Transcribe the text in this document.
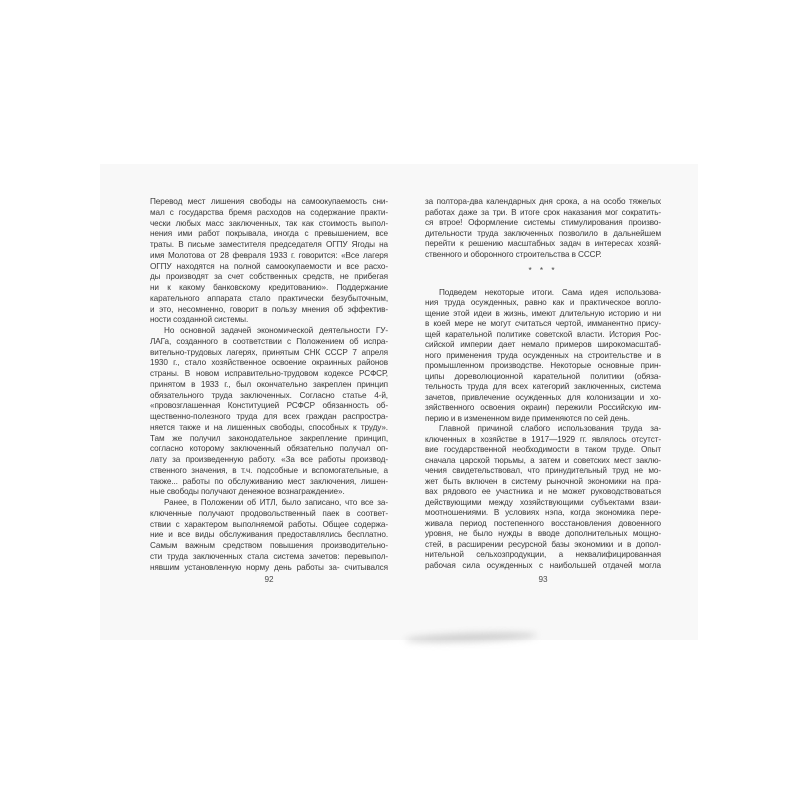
Перевод мест лишения свободы на самоокупаемость сни-
мал с государства бремя расходов на содержание практи-
чески любых масс заключенных, так как стоимость выпол-
нения ими работ покрывала, иногда с превышением, все
траты. В письме заместителя председателя ОГПУ Ягоды на
имя Молотова от 28 февраля 1933 г. говорится: «Все лагеря
ОГПУ находятся на полной самоокупаемости и все расхо-
ды производят за счет собственных средств, не прибегая
ни к какому банковскому кредитованию». Поддержание
карательного аппарата стало практически безубыточным,
и это, несомненно, говорит в пользу мнения об эффектив-
ности созданной системы.
Но основной задачей экономической деятельности ГУ-
ЛАГа, созданного в соответствии с Положением об испра-
вительно-трудовых лагерях, принятым СНК СССР 7 апреля
1930 г., стало хозяйственное освоение окраинных районов
страны. В новом исправительно-трудовом кодексе РСФСР,
принятом в 1933 г., был окончательно закреплен принцип
обязательного труда заключенных. Согласно статье 4-й,
«провозглашенная Конституцией РСФСР обязанность об-
щественно-полезного труда для всех граждан распростра-
няется также и на лишенных свободы, способных к труду».
Там же получил законодательное закрепление принцип,
согласно которому заключенный обязательно получал оп-
лату за произведенную работу. «За все работы производ-
ственного значения, в т.ч. подсобные и вспомогательные, а
также... работы по обслуживанию мест заключения, лишен-
ные свободы получают денежное вознаграждение».
Ранее, в Положении об ИТЛ, было записано, что все за-
ключенные получают продовольственный паек в соответ-
ствии с характером выполняемой работы. Общее содержа-
ние и все виды обслуживания предоставлялись бесплатно.
Самым важным средством повышения производительно-
сти труда заключенных стала система зачетов: перевыпол-
нявшим установленную норму день работы за- считывался
за полтора-два календарных дня срока, а на особо тяжелых
работах даже за три. В итоге срок наказания мог сократить-
ся втрое! Оформление системы стимулирования произво-
дительности труда заключенных позволило в дальнейшем
перейти к решению масштабных задач в интересах хозяй-
ственного и оборонного строительства в СССР.
* * *
Подведем некоторые итоги. Сама идея использова-
ния труда осужденных, равно как и практическое вопло-
щение этой идеи в жизнь, имеют длительную историю и ни
в коей мере не могут считаться чертой, имманентно прису-
щей карательной политике советской власти. История Рос-
сийской империи дает немало примеров широкомасштаб-
ного применения труда осужденных на строительстве и в
промышленном производстве. Некоторые основные прин-
ципы дореволюционной карательной политики (обяза-
тельность труда для всех категорий заключенных, система
зачетов, привлечение осужденных для колонизации и хо-
зяйственного освоения окраин) пережили Российскую им-
перию и в измененном виде применяются по сей день.
Главной причиной слабого использования труда за-
ключенных в хозяйстве в 1917—1929 гг. являлось отсутст-
вие государственной необходимости в таком труде. Опыт
сначала царской тюрьмы, а затем и советских мест заклю-
чения свидетельствовал, что принудительный труд не мо-
жет быть включен в систему рыночной экономики на пра-
вах рядового ее участника и не может руководствоваться
действующими между хозяйствующими субъектами взаи-
моотношениями. В условиях нэпа, когда экономика пере-
живала период постепенного восстановления довоенного
уровня, не было нужды в вводе дополнительных мощно-
стей, в расширении ресурсной базы экономики и в допол-
нительной сельхозпродукции, а неквалифицированная
рабочая сила осужденных с наибольшей отдачей могла
92	93
